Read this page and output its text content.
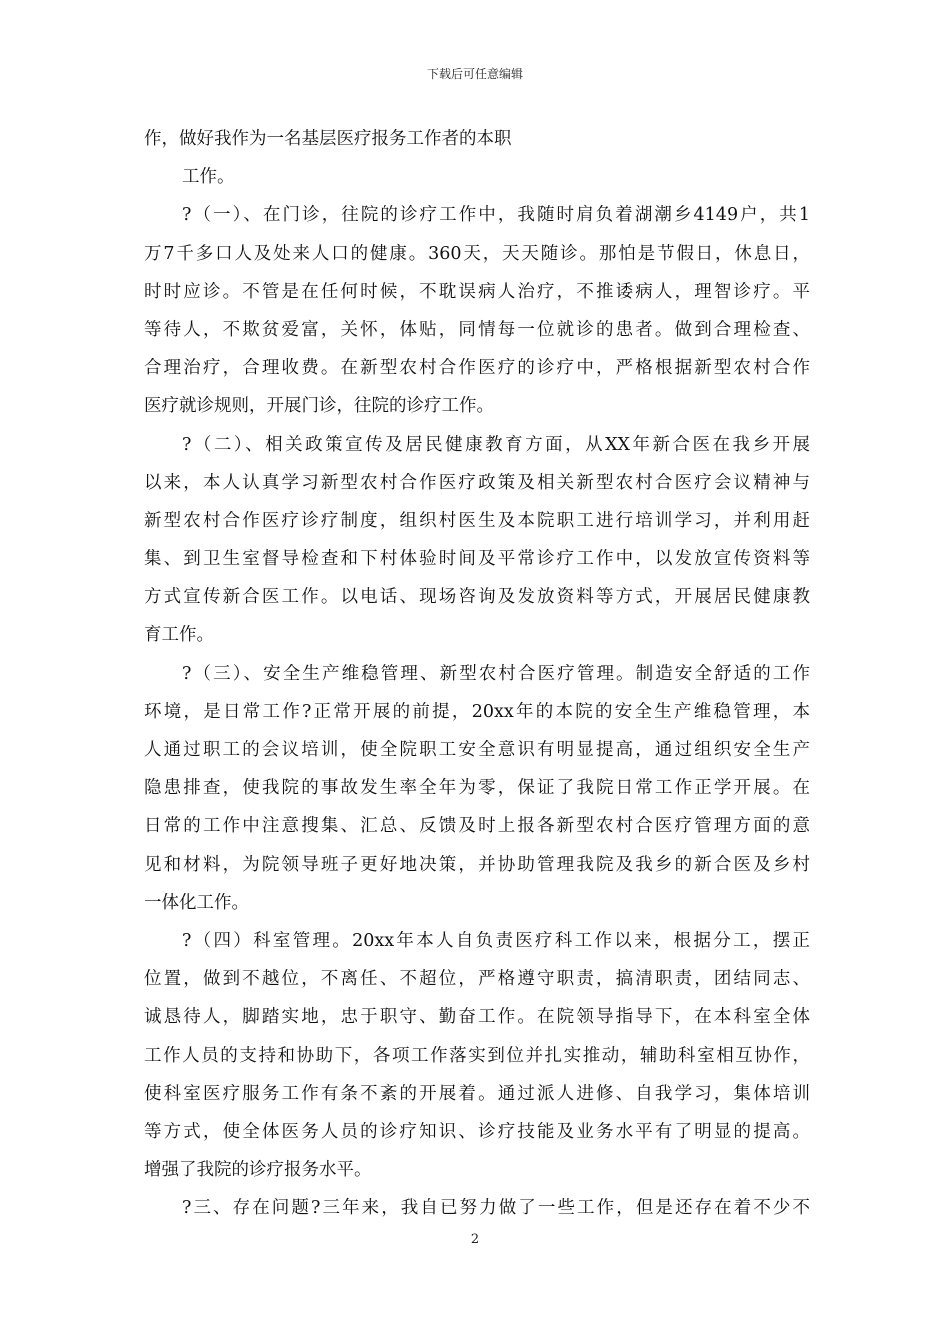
下载后可任意编辑
作，做好我作为一名基层医疗报务工作者的本职
工作。
?（一）、在门诊，往院的诊疗工作中，我随时肩负着湖潮乡4149户，共1
万7千多口人及处来人口的健康。360天，天天随诊。那怕是节假日，休息日，
时时应诊。不管是在任何时候，不耽误病人治疗，不推诿病人，理智诊疗。平
等待人，不欺贫爱富，关怀，体贴，同情每一位就诊的患者。做到合理检查、
合理治疗，合理收费。在新型农村合作医疗的诊疗中，严格根据新型农村合作
医疗就诊规则，开展门诊，往院的诊疗工作。
?（二）、相关政策宣传及居民健康教育方面，从XX年新合医在我乡开展
以来，本人认真学习新型农村合作医疗政策及相关新型农村合医疗会议精神与
新型农村合作医疗诊疗制度，组织村医生及本院职工进行培训学习，并利用赶
集、到卫生室督导检查和下村体验时间及平常诊疗工作中，以发放宣传资料等
方式宣传新合医工作。以电话、现场咨询及发放资料等方式，开展居民健康教
育工作。
?（三）、安全生产维稳管理、新型农村合医疗管理。制造安全舒适的工作
环境，是日常工作?正常开展的前提，20xx年的本院的安全生产维稳管理，本
人通过职工的会议培训，使全院职工安全意识有明显提高，通过组织安全生产
隐患排查，使我院的事故发生率全年为零，保证了我院日常工作正学开展。在
日常的工作中注意搜集、汇总、反馈及时上报各新型农村合医疗管理方面的意
见和材料，为院领导班子更好地决策，并协助管理我院及我乡的新合医及乡村
一体化工作。
?（四）科室管理。20xx年本人自负责医疗科工作以来，根据分工，摆正
位置，做到不越位，不离任、不超位，严格遵守职责，搞清职责，团结同志、
诚恳待人，脚踏实地，忠于职守、勤奋工作。在院领导指导下，在本科室全体
工作人员的支持和协助下，各项工作落实到位并扎实推动，辅助科室相互协作，
使科室医疗服务工作有条不紊的开展着。通过派人进修、自我学习，集体培训
等方式，使全体医务人员的诊疗知识、诊疗技能及业务水平有了明显的提高。
增强了我院的诊疗报务水平。
?三、存在问题?三年来，我自已努力做了一些工作，但是还存在着不少不
2
